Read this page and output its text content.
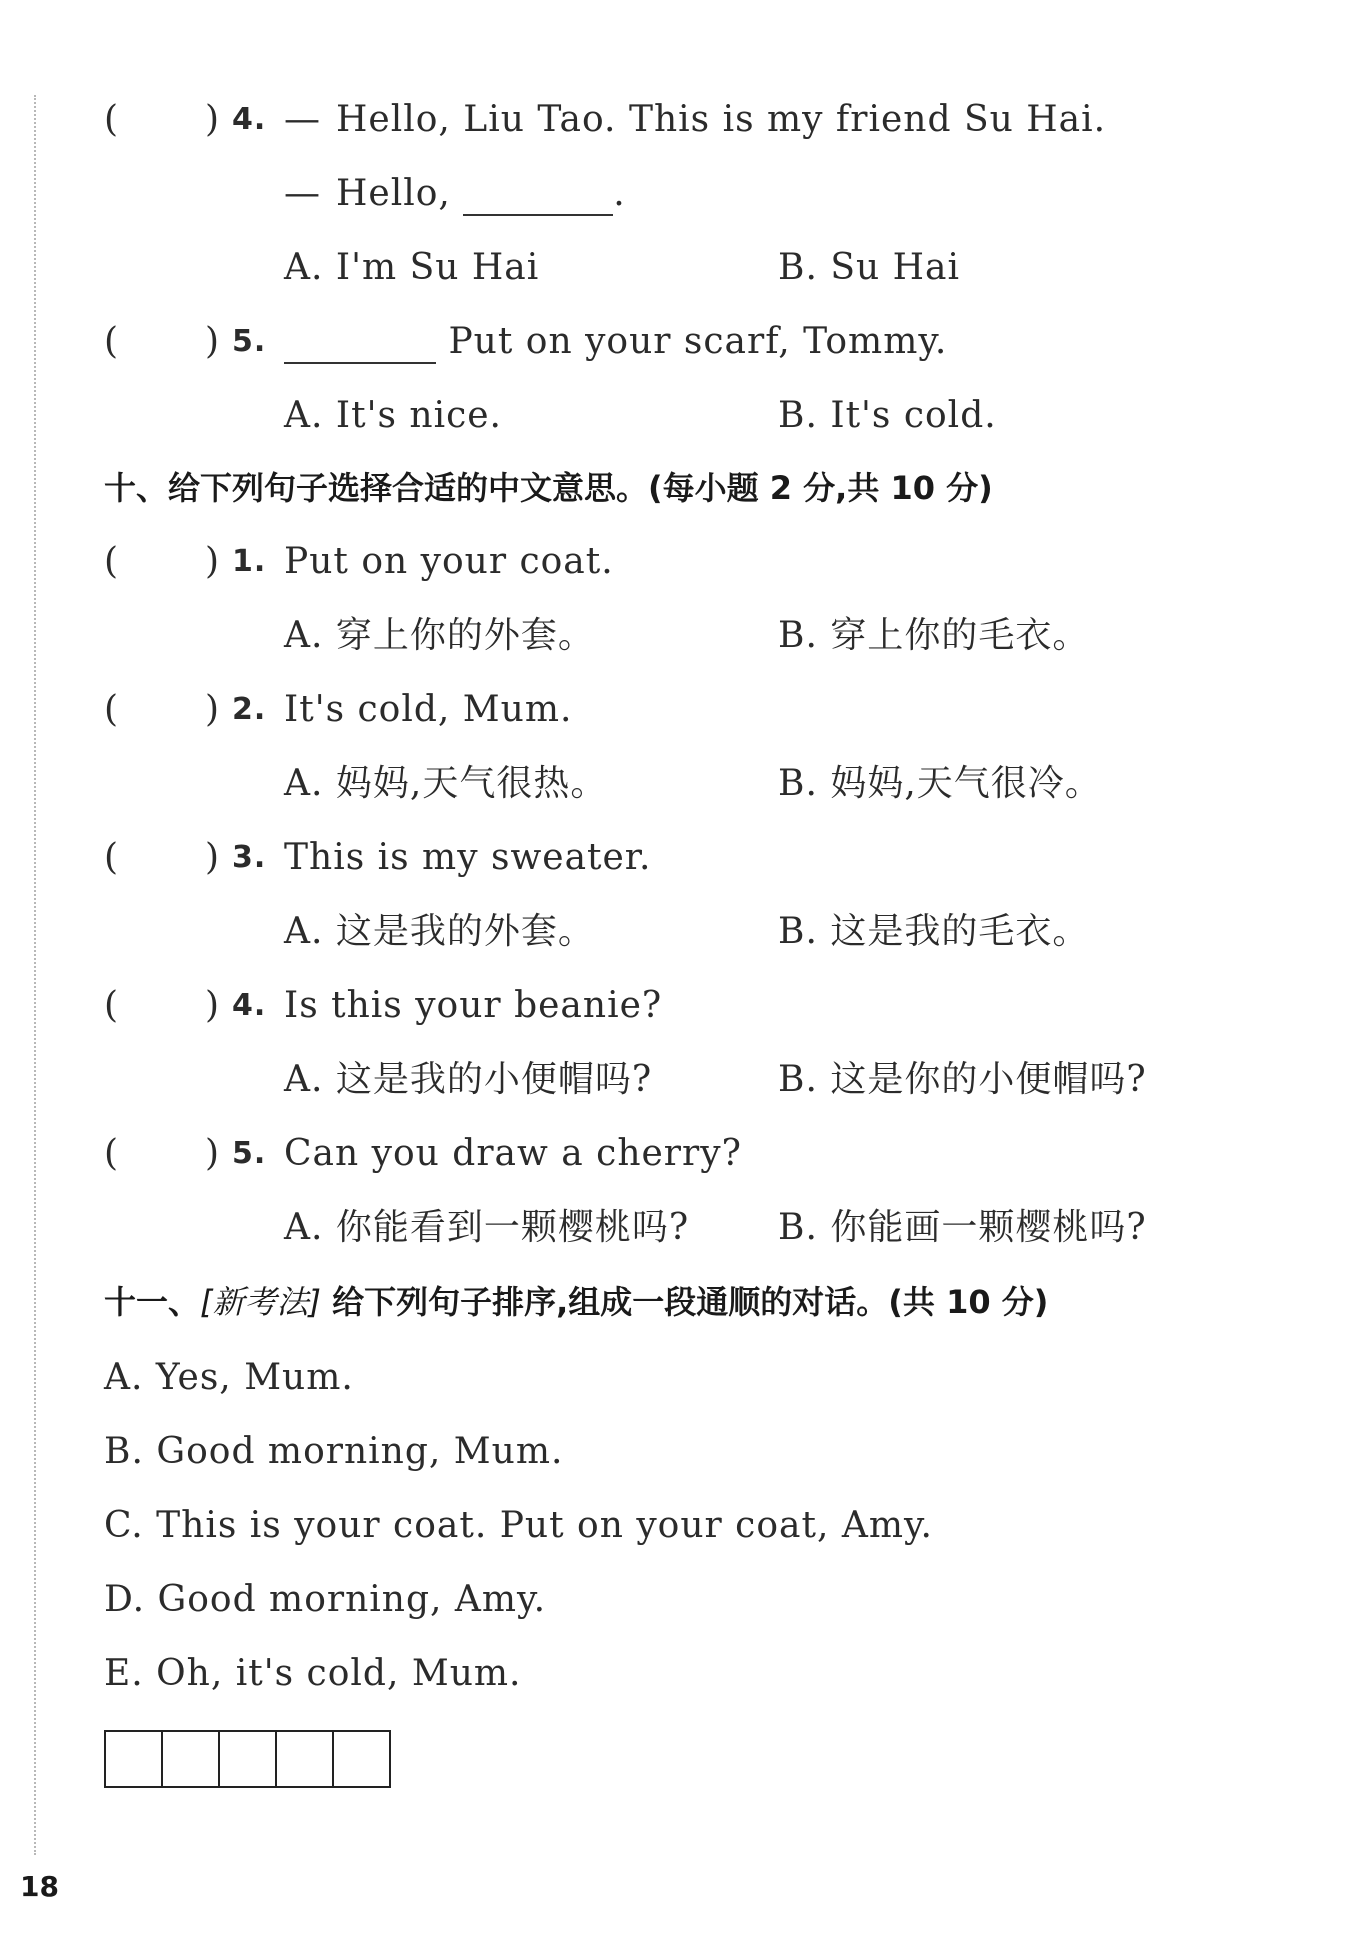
( ) 4. — Hello, Liu Tao. This is my friend Su Hai.
— Hello,	.
A. I'm Su Hai	B. Su Hai
( ) 5.	Put on your scarf, Tommy.
A. It's nice.	B. It's cold.
十、给下列句子选择合适的中文意思。(每小题 2 分,共 10 分)
( ) 1. Put on your coat.
A. 穿上你的外套。	B. 穿上你的毛衣。
( ) 2. It's cold, Mum.
A. 妈妈,天气很热。	B. 妈妈,天气很冷。
( ) 3. This is my sweater.
A. 这是我的外套。	B. 这是我的毛衣。
( ) 4. Is this your beanie?
A. 这是我的小便帽吗?	B. 这是你的小便帽吗?
( ) 5. Can you draw a cherry?
A. 你能看到一颗樱桃吗? B. 你能画一颗樱桃吗?
十一、[新考法] 给下列句子排序,组成一段通顺的对话。(共 10 分)
A. Yes, Mum.
B. Good morning, Mum.
C. This is your coat. Put on your coat, Amy.
D. Good morning, Amy.
E. Oh, it's cold, Mum.
18
